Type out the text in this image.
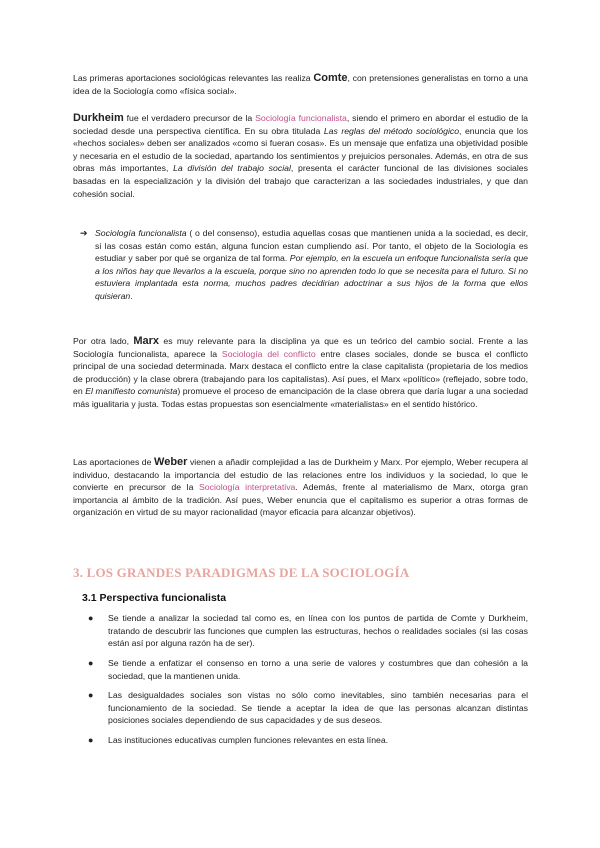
Las primeras aportaciones sociológicas relevantes las realiza Comte, con pretensiones generalistas en torno a una idea de la Sociología como «física social».

Durkheim fue el verdadero precursor de la Sociología funcionalista, siendo el primero en abordar el estudio de la sociedad desde una perspectiva científica. En su obra titulada Las reglas del método sociológico, enuncia que los «hechos sociales» deben ser analizados «como si fueran cosas». Es un mensaje que enfatiza una objetividad posible y necesaria en el estudio de la sociedad, apartando los sentimientos y prejuicios personales. Además, en otra de sus obras más importantes, La división del trabajo social, presenta el carácter funcional de las divisiones sociales basadas en la especialización y la división del trabajo que caracterizan a las sociedades industriales, y que dan cohesión social.

➔ Sociología funcionalista ( o del consenso), estudia aquellas cosas que mantienen unida a la sociedad, es decir, si las cosas están como están, alguna funcion estan cumpliendo así. Por tanto, el objeto de la Sociología es estudiar y saber por qué se organiza de tal forma. Por ejemplo, en la escuela un enfoque funcionalista sería que a los niños hay que llevarlos a la escuela, porque sino no aprenden todo lo que se necesita para el futuro. Si no estuviera implantada esta norma, muchos padres decidirian adoctrinar a sus hijos de la forma que ellos quisieran.

Por otra lado, Marx es muy relevante para la disciplina ya que es un teórico del cambio social. Frente a las Sociología funcionalista, aparece la Sociología del conflicto entre clases sociales, donde se busca el conflicto principal de una sociedad determinada. Marx destaca el conflicto entre la clase capitalista (propietaria de los medios de producción) y la clase obrera (trabajando para los capitalistas). Así pues, el Marx «político» (reflejado, sobre todo, en El manifiesto comunista) promueve el proceso de emancipación de la clase obrera que daría lugar a una sociedad más igualitaria y justa. Todas estas propuestas son esencialmente «materialistas» en el sentido histórico.

Las aportaciones de Weber vienen a añadir complejidad a las de Durkheim y Marx. Por ejemplo, Weber recupera al individuo, destacando la importancia del estudio de las relaciones entre los individuos y la sociedad, lo que le convierte en precursor de la Sociología interpretativa. Además, frente al materialismo de Marx, otorga gran importancia al ámbito de la tradición. Así pues, Weber enuncia que el capitalismo es superior a otras formas de organización en virtud de su mayor racionalidad (mayor eficacia para alcanzar objetivos).

3. LOS GRANDES PARADIGMAS DE LA SOCIOLOGÍA
3.1 Perspectiva funcionalista

● Se tiende a analizar la sociedad tal como es, en línea con los puntos de partida de Comte y Durkheim, tratando de descubrir las funciones que cumplen las estructuras, hechos o realidades sociales (si las cosas están así por alguna razón ha de ser).

● Se tiende a enfatizar el consenso en torno a una serie de valores y costumbres que dan cohesión a la sociedad, que la mantienen unida.

● Las desigualdades sociales son vistas no sólo como inevitables, sino también necesarias para el funcionamiento de la sociedad. Se tiende a aceptar la idea de que las personas alcanzan distintas posiciones sociales dependiendo de sus capacidades y de sus deseos.

● Las instituciones educativas cumplen funciones relevantes en esta línea.
